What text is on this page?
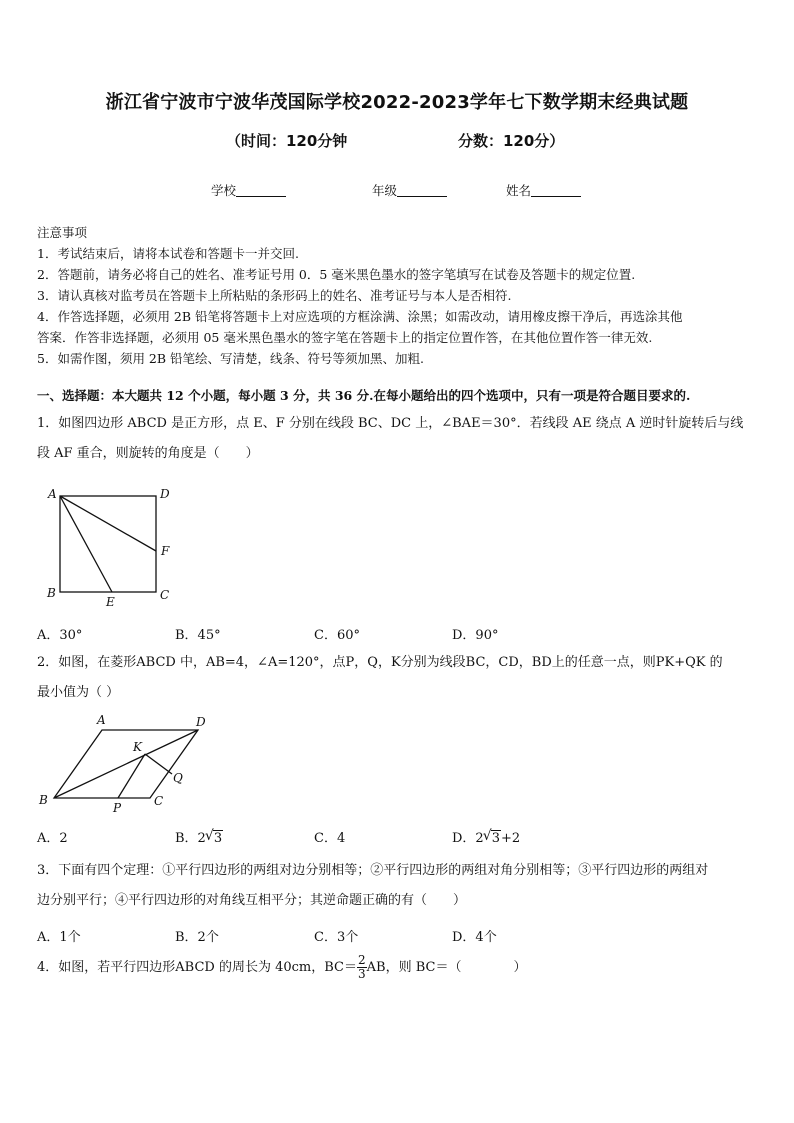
浙江省宁波市宁波华茂国际学校2022-2023学年七下数学期末经典试题
（时间：120分钟	分数：120分）
学校	年级	姓名
注意事项
1．考试结束后，请将本试卷和答题卡一并交回.
2．答题前，请务必将自己的姓名、准考证号用 0．5 毫米黑色墨水的签字笔填写在试卷及答题卡的规定位置.
3．请认真核对监考员在答题卡上所粘贴的条形码上的姓名、准考证号与本人是否相符.
4．作答选择题，必须用 2B 铅笔将答题卡上对应选项的方框涂满、涂黑；如需改动，请用橡皮擦干净后，再选涂其他
答案．作答非选择题，必须用 05 毫米黑色墨水的签字笔在答题卡上的指定位置作答，在其他位置作答一律无效.
5．如需作图，须用 2B 铅笔绘、写清楚，线条、符号等须加黑、加粗.
一、选择题：本大题共 12 个小题，每小题 3 分，共 36 分.在每小题给出的四个选项中，只有一项是符合题目要求的.
1．如图四边形 ABCD 是正方形，点 E、F 分别在线段 BC、DC 上，∠BAE＝30°．若线段 AE 绕点 A 逆时针旋转后与线
段 AF 重合，则旋转的角度是（　　）
A	D
F
B	C
E
A．30°	B．45°	C．60°	D．90°
2．如图，在菱形ABCD 中，AB=4，∠A=120°，点P，Q，K分别为线段BC，CD，BD上的任意一点，则PK+QK 的
最小值为（ ）
A	D
K
Q
B
P	C
A．2	B．2 √ 3	C．4	D．2 √ 3+2
3．下面有四个定理：①平行四边形的两组对边分别相等；②平行四边形的两组对角分别相等；③平行四边形的两组对
边分别平行；④平行四边形的对角线互相平分；其逆命题正确的有（　　）
A．1个	B．2个	C．3个	D．4个
4．如图，若平行四边形ABCD 的周长为 40cm，$BC= \frac{2}{3}$ AB，则 BC＝（　　　　）
